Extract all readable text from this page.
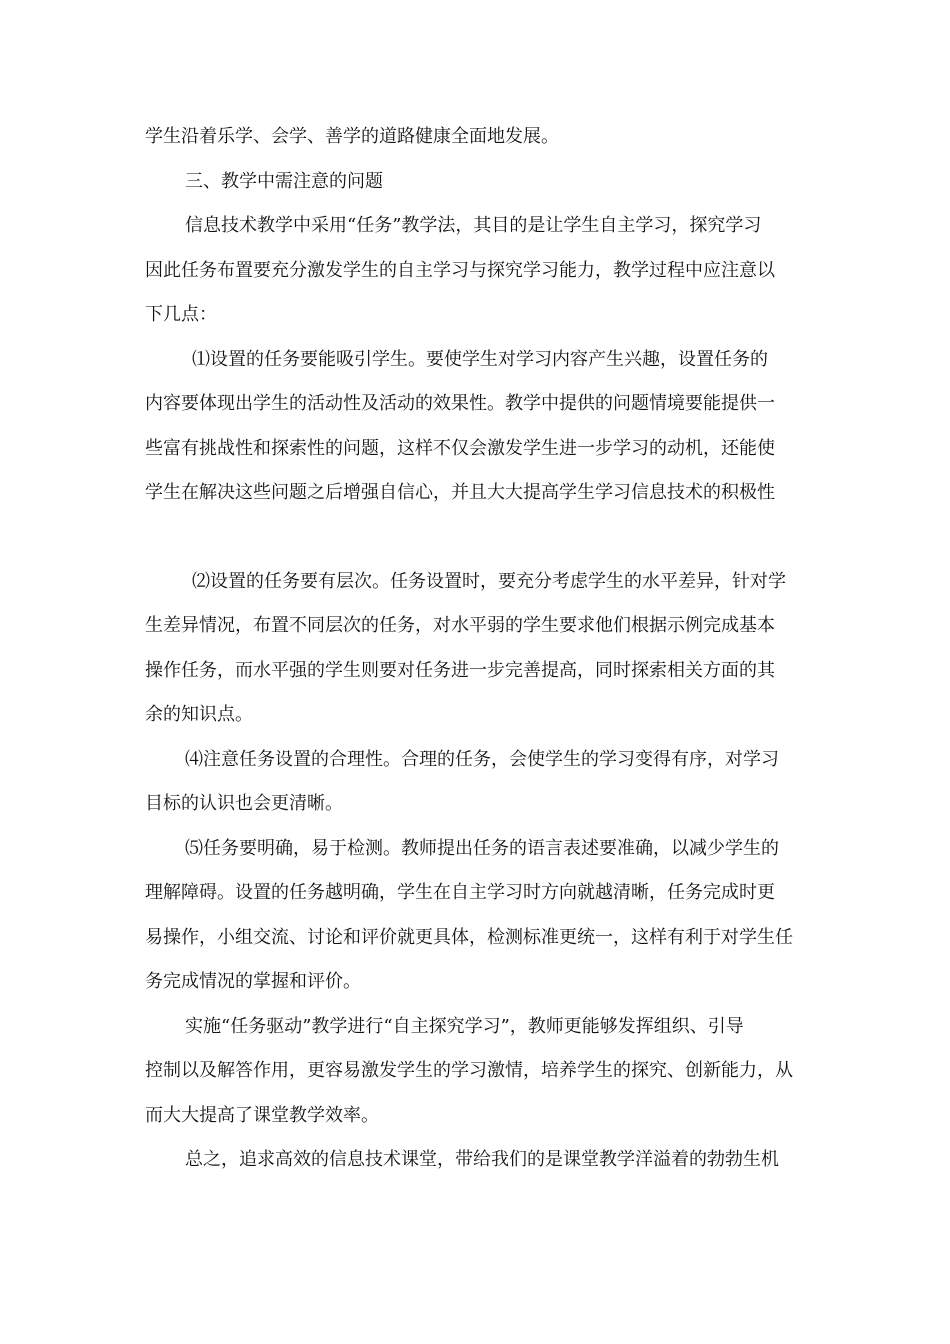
学生沿着乐学、会学、善学的道路健康全面地发展。
三、教学中需注意的问题
信息技术教学中采用“任务”教学法，其目的是让学生自主学习，探究学习
因此任务布置要充分激发学生的自主学习与探究学习能力，教学过程中应注意以
下几点：
⑴设置的任务要能吸引学生。要使学生对学习内容产生兴趣，设置任务的
内容要体现出学生的活动性及活动的效果性。教学中提供的问题情境要能提供一
些富有挑战性和探索性的问题，这样不仅会激发学生进一步学习的动机，还能使
学生在解决这些问题之后增强自信心，并且大大提高学生学习信息技术的积极性
⑵设置的任务要有层次。任务设置时，要充分考虑学生的水平差异，针对学
生差异情况，布置不同层次的任务，对水平弱的学生要求他们根据示例完成基本
操作任务，而水平强的学生则要对任务进一步完善提高，同时探索相关方面的其
余的知识点。
⑷注意任务设置的合理性。合理的任务，会使学生的学习变得有序，对学习
目标的认识也会更清晰。
⑸任务要明确，易于检测。教师提出任务的语言表述要准确，以减少学生的
理解障碍。设置的任务越明确，学生在自主学习时方向就越清晰，任务完成时更
易操作，小组交流、讨论和评价就更具体，检测标准更统一，这样有利于对学生任
务完成情况的掌握和评价。
实施“任务驱动”教学进行“自主探究学习”，教师更能够发挥组织、引导
控制以及解答作用，更容易激发学生的学习激情，培养学生的探究、创新能力，从
而大大提高了课堂教学效率。
总之，追求高效的信息技术课堂，带给我们的是课堂教学洋溢着的勃勃生机
